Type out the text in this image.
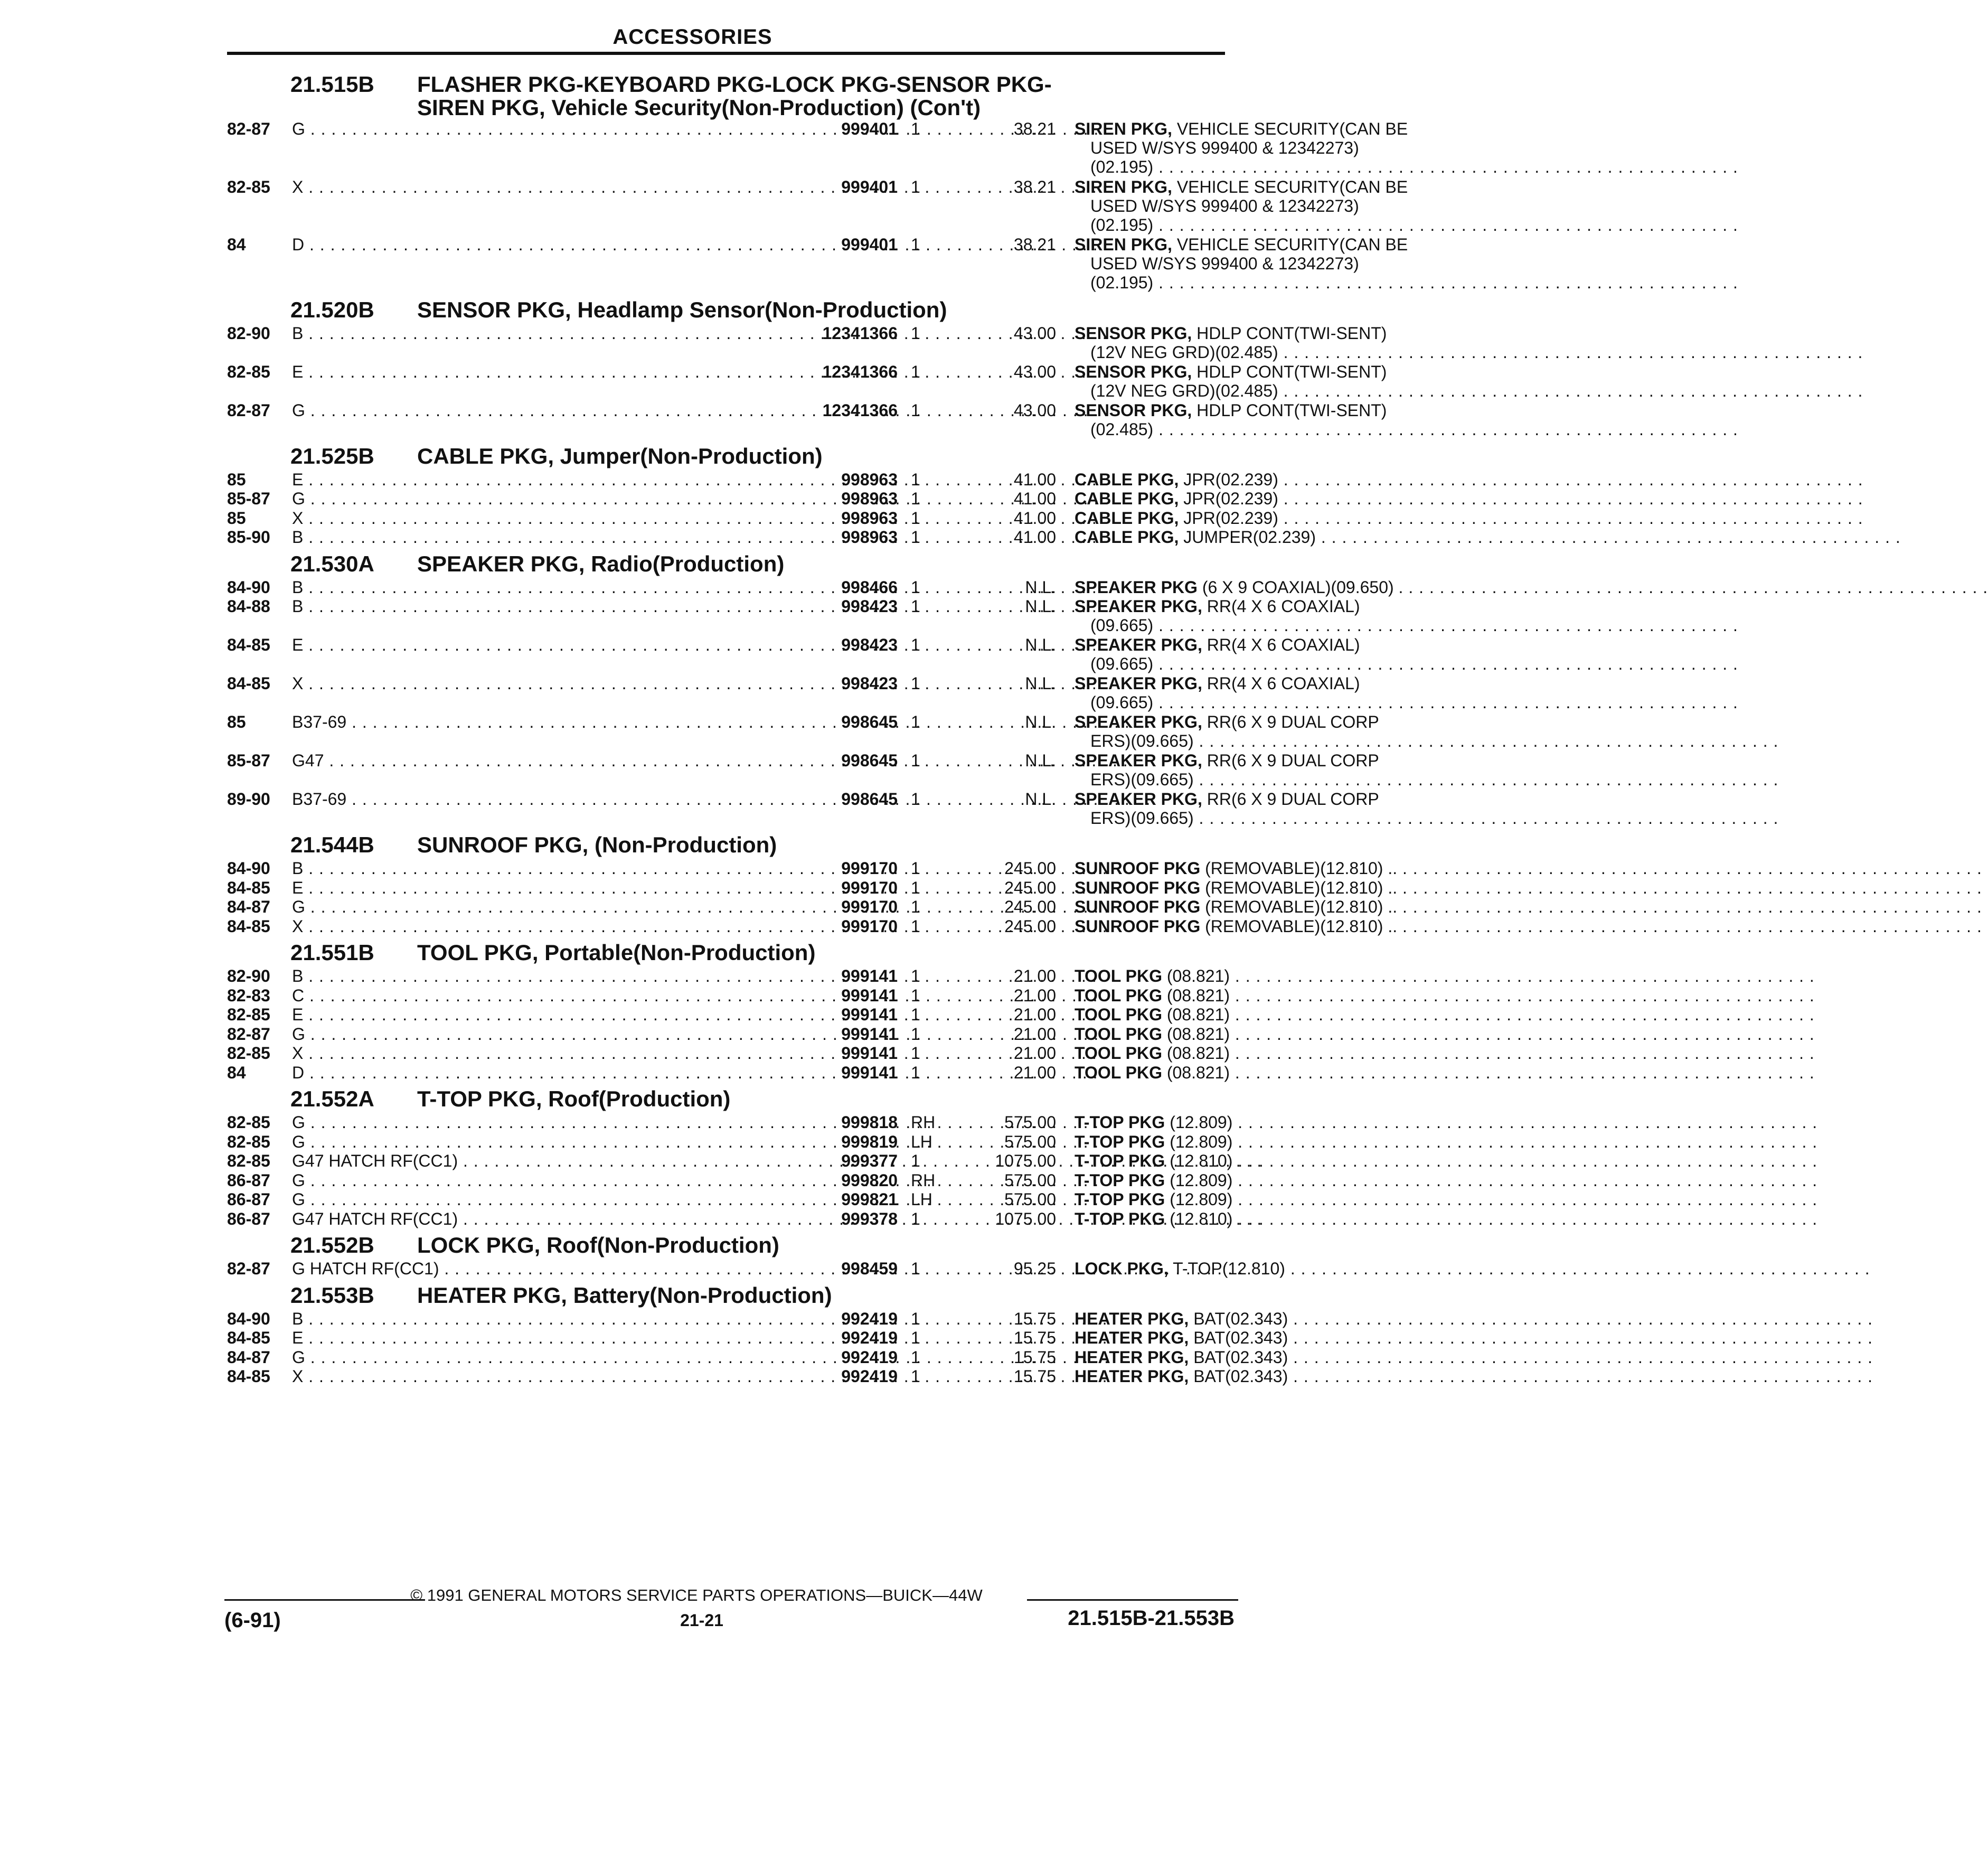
ACCESSORIES
21.515B FLASHER PKG-KEYBOARD PKG-LOCK PKG-SENSOR PKG-
SIREN PKG, Vehicle Security(Non-Production) (Con't)
82-87	G . . .	999401 1	38.21 SIREN PKG, VEHICLE SECURITY(CAN BE
USED W/SYS 999400 & 12342273)
(02.195) . . .
82-85	X . . .	999401 1	38.21 SIREN PKG, VEHICLE SECURITY(CAN BE
USED W/SYS 999400 & 12342273)
(02.195) . . .
84	D . . .	999401 1	38.21 SIREN PKG, VEHICLE SECURITY(CAN BE
USED W/SYS 999400 & 12342273)
(02.195) . . .
21.520B SENSOR PKG, Headlamp Sensor(Non-Production)
82-90	B . . .	12341366 1	43.00 SENSOR PKG, HDLP CONT(TWI-SENT)
(12V NEG GRD)(02.485) . . .
82-85	E . . .	12341366 1	43.00 SENSOR PKG, HDLP CONT(TWI-SENT)
(12V NEG GRD)(02.485) . . .
82-87	G . . .	12341366 1	43.00 SENSOR PKG, HDLP CONT(TWI-SENT)
(02.485) . . .
21.525B CABLE PKG, Jumper(Non-Production)
85	E . . .	998963 1	41.00 CABLE PKG, JPR(02.239) . . .
85-87	G . . .	998963 1	41.00 CABLE PKG, JPR(02.239) . . .
85	X . . .	998963 1	41.00 CABLE PKG, JPR(02.239) . . .
85-90	B . . .	998963 1	41.00 CABLE PKG, JUMPER(02.239) . . .
21.530A SPEAKER PKG, Radio(Production)
84-90	B . . .	998466 1	N.L. SPEAKER PKG (6 X 9 COAXIAL)(09.650) . . . .
84-88	B . . .	998423 1	N.L. SPEAKER PKG, RR(4 X 6 COAXIAL)
(09.665) . . .
84-85	E . . .	998423 1	N.L. SPEAKER PKG, RR(4 X 6 COAXIAL)
(09.665) . . .
84-85	X . . .	998423 1	N.L. SPEAKER PKG, RR(4 X 6 COAXIAL)
(09.665) . . .
85	B37-69 . . .	998645 1	N.L. SPEAKER PKG, RR(6 X 9 DUAL CORP
ERS)(09.665) . . .
85-87	G47 . . .	998645 1	N.L. SPEAKER PKG, RR(6 X 9 DUAL CORP
ERS)(09.665) . . .
89-90	B37-69 . . .	998645 1	N.L. SPEAKER PKG, RR(6 X 9 DUAL CORP
ERS)(09.665) . . .
21.544B SUNROOF PKG, (Non-Production)
84-90	B . . .	999170 1	245.00 SUNROOF PKG (REMOVABLE)(12.810) .. . . .
84-85	E . . .	999170 1	245.00 SUNROOF PKG (REMOVABLE)(12.810) .. . . .
84-87	G . . .	999170 1	245.00 SUNROOF PKG (REMOVABLE)(12.810) .. . . .
84-85	X . . .	999170 1	245.00 SUNROOF PKG (REMOVABLE)(12.810) .. . . .
21.551B TOOL PKG, Portable(Non-Production)
82-90	B . . .	999141 1	21.00 TOOL PKG (08.821) . . .
82-83	C . . .	999141 1	21.00 TOOL PKG (08.821) . . .
82-85	E . . .	999141 1	21.00 TOOL PKG (08.821) . . .
82-87	G . . .	999141 1	21.00 TOOL PKG (08.821) . . .
82-85	X . . .	999141 1	21.00 TOOL PKG (08.821) . . .
84	D . . .	999141 1	21.00 TOOL PKG (08.821) . . .
21.552A T-TOP PKG, Roof(Production)
82-85	G . . .	999818 RH	575.00 T-TOP PKG (12.809) . . .
82-85	G . . .	999819 LH	575.00 T-TOP PKG (12.809) . . .
82-85	G47 HATCH RF(CC1) . . .	999377 1	1075.00 T-TOP PKG (12.810) . . .
86-87	G . . .	999820 RH	575.00 T-TOP PKG (12.809) . . .
86-87	G . . .	999821 LH	575.00 T-TOP PKG (12.809) . . .
86-87	G47 HATCH RF(CC1) . . .	999378 1	1075.00 T-TOP PKG (12.810) . . .
21.552B LOCK PKG, Roof(Non-Production)
82-87	G HATCH RF(CC1) . . .	998459 1	95.25 LOCK PKG, T-TOP(12.810) . . .
21.553B HEATER PKG, Battery(Non-Production)
84-90	B . . .	992419 1	15.75 HEATER PKG, BAT(02.343) . . .
84-85	E . . .	992419 1	15.75 HEATER PKG, BAT(02.343) . . .
84-87	G . . .	992419 1	15.75 HEATER PKG, BAT(02.343) . . .
84-85	X . . .	992419 1	15.75 HEATER PKG, BAT(02.343) . . .
© 1991 GENERAL MOTORS SERVICE PARTS OPERATIONS—BUICK—44W
(6-91)	21-21	21.515B-21.553B
